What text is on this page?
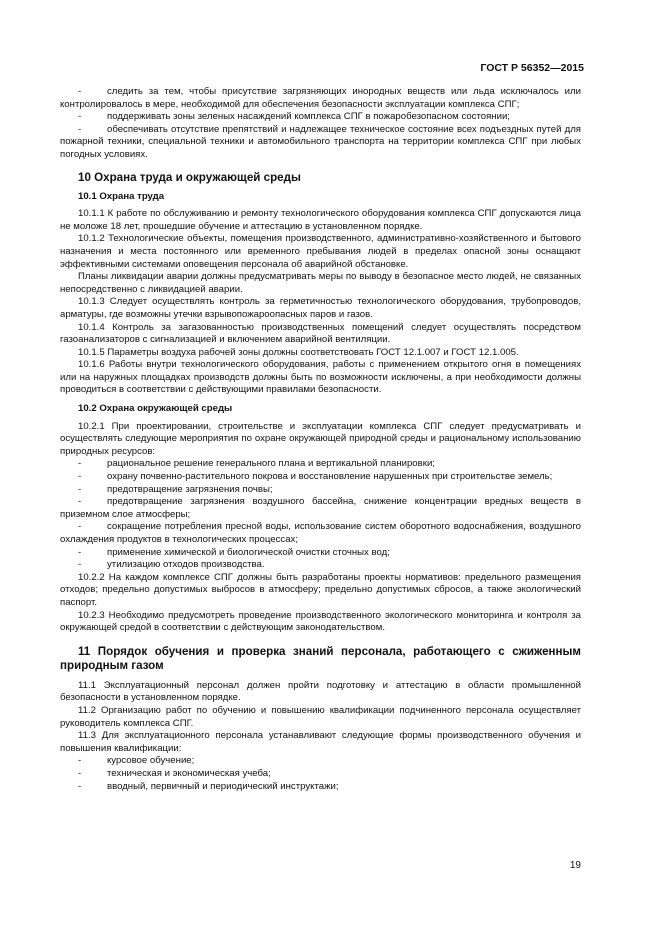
ГОСТ Р 56352—2015
-	следить за тем, чтобы присутствие загрязняющих инородных веществ или льда исключалось или контролировалось в мере, необходимой для обеспечения безопасности эксплуатации комплекса СПГ;
-	поддерживать зоны зеленых насаждений комплекса СПГ в пожаробезопасном состоянии;
-	обеспечивать отсутствие препятствий и надлежащее техническое состояние всех подъездных путей для пожарной техники, специальной техники и автомобильного транспорта на территории комплекса СПГ при любых погодных условиях.
10 Охрана труда и окружающей среды
10.1 Охрана труда

10.1.1 К работе по обслуживанию и ремонту технологического оборудования комплекса СПГ допускаются лица не моложе 18 лет, прошедшие обучение и аттестацию в установленном порядке.

10.1.2 Технологические объекты, помещения производственного, административно-хозяйственного и бытового назначения и места постоянного или временного пребывания людей в пределах опасной зоны оснащают эффективными системами оповещения персонала об аварийной обстановке.

Планы ликвидации аварии должны предусматривать меры по выводу в безопасное место людей, не связанных непосредственно с ликвидацией аварии.

10.1.3 Следует осуществлять контроль за герметичностью технологического оборудования, трубопроводов, арматуры, где возможны утечки взрывопожароопасных паров и газов.

10.1.4 Контроль за загазованностью производственных помещений следует осуществлять посредством газоанализаторов с сигнализацией и включением аварийной вентиляции.

10.1.5 Параметры воздуха рабочей зоны должны соответствовать ГОСТ 12.1.007 и ГОСТ 12.1.005.

10.1.6 Работы внутри технологического оборудования, работы с применением открытого огня в помещениях или на наружных площадках производств должны быть по возможности исключены, а при необходимости должны проводиться в соответствии с действующими правилами безопасности.

10.2 Охрана окружающей среды

10.2.1 При проектировании, строительстве и эксплуатации комплекса СПГ следует предусматривать и осуществлять следующие мероприятия по охране окружающей природной среды и рациональному использованию природных ресурсов:

-	рациональное решение генерального плана и вертикальной планировки;
-	охрану почвенно-растительного покрова и восстановление нарушенных при строительстве земель;
-	предотвращение загрязнения почвы;
-	предотвращение загрязнения воздушного бассейна, снижение концентрации вредных веществ в приземном слое атмосферы;
-	сокращение потребления пресной воды, использование систем оборотного водоснабжения, воздушного охлаждения продуктов в технологических процессах;
-	применение химической и биологической очистки сточных вод;
-	утилизацию отходов производства.

10.2.2 На каждом комплексе СПГ должны быть разработаны проекты нормативов: предельного размещения отходов; предельно допустимых выбросов в атмосферу; предельно допустимых сбросов, а также экологический паспорт.

10.2.3 Необходимо предусмотреть проведение производственного экологического мониторинга и контроля за окружающей средой в соответствии с действующим законодательством.

11 Порядок обучения и проверка знаний персонала, работающего с сжиженным природным газом

11.1 Эксплуатационный персонал должен пройти подготовку и аттестацию в области промышленной безопасности в установленном порядке.

11.2 Организацию работ по обучению и повышению квалификации подчиненного персонала осуществляет руководитель комплекса СПГ.

11.3 Для эксплуатационного персонала устанавливают следующие формы производственного обучения и повышения квалификации:

-	курсовое обучение;
-	техническая и экономическая учеба;
-	вводный, первичный и периодический инструктажи;
19
